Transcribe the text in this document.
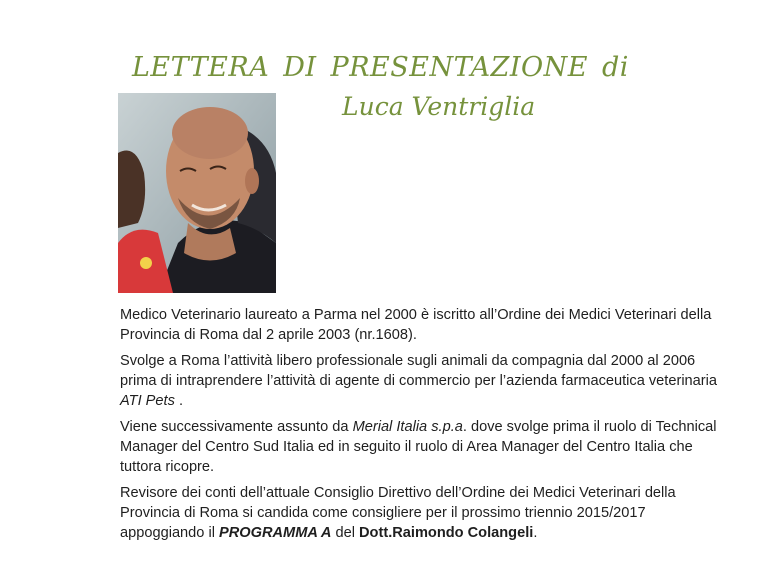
LETTERA DI PRESENTAZIONE di
Luca Ventriglia

Medico Veterinario laureato a Parma nel 2000 è iscritto all’Ordine dei Medici Veterinari della Provincia di Roma dal 2 aprile 2003 (nr.1608).

Svolge a Roma l’attività libero professionale sugli animali da compagnia dal 2000 al 2006 prima di intraprendere l’attività di agente di commercio per l’azienda farmaceutica veterinaria ATI Pets .

Viene successivamente assunto da Merial Italia s.p.a. dove svolge prima il ruolo di Technical Manager del Centro Sud Italia ed in seguito il ruolo di Area Manager del Centro Italia che tuttora ricopre.

Revisore dei conti dell’attuale Consiglio Direttivo dell’Ordine dei Medici Veterinari della Provincia di Roma si candida come consigliere per il prossimo triennio 2015/2017 appoggiando il PROGRAMMA A del Dott.Raimondo Colangeli.
